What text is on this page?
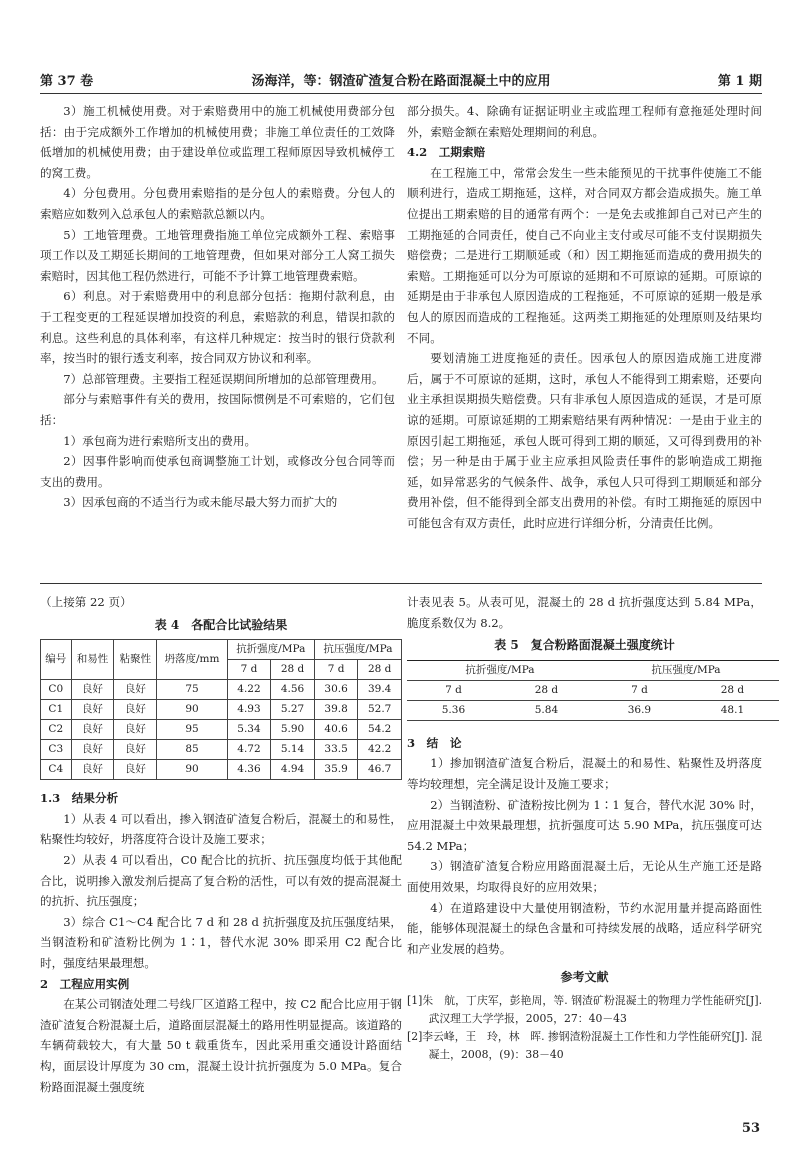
第 37 卷	汤海洋，等：钢渣矿渣复合粉在路面混凝土中的应用	第 1 期

3）施工机械使用费。对于索赔费用中的施工机械使用费部分包括：由于完成额外工作增加的机械使用费；非施工单位责任的工效降低增加的机械使用费；由于建设单位或监理工程师原因导致机械停工的窝工费。

4）分包费用。分包费用索赔指的是分包人的索赔费。分包人的索赔应如数列入总承包人的索赔款总额以内。

5）工地管理费。工地管理费指施工单位完成额外工程、索赔事项工作以及工期延长期间的工地管理费，但如果对部分工人窝工损失索赔时，因其他工程仍然进行，可能不予计算工地管理费索赔。

6）利息。对于索赔费用中的利息部分包括：拖期付款利息，由于工程变更的工程延误增加投资的利息，索赔款的利息，错误扣款的利息。这些利息的具体利率，有这样几种规定：按当时的银行贷款利率，按当时的银行透支利率，按合同双方协议和利率。

7）总部管理费。主要指工程延误期间所增加的总部管理费用。

部分与索赔事件有关的费用，按国际惯例是不可索赔的，它们包括：

1）承包商为进行索赔所支出的费用。

2）因事件影响而使承包商调整施工计划，或修改分包合同等而支出的费用。

3）因承包商的不适当行为或未能尽最大努力而扩大的

部分损失。4、除确有证据证明业主或监理工程师有意拖延处理时间外，索赔金额在索赔处理期间的利息。

4.2　工期索赔

在工程施工中，常常会发生一些未能预见的干扰事件使施工不能顺利进行，造成工期拖延，这样，对合同双方都会造成损失。施工单位提出工期索赔的目的通常有两个：一是免去或推卸自己对已产生的工期拖延的合同责任，使自己不向业主支付或尽可能不支付误期损失赔偿费；二是进行工期顺延或（和）因工期拖延而造成的费用损失的索赔。工期拖延可以分为可原谅的延期和不可原谅的延期。可原谅的延期是由于非承包人原因造成的工程拖延，不可原谅的延期一般是承包人的原因而造成的工程拖延。这两类工期拖延的处理原则及结果均不同。

要划清施工进度拖延的责任。因承包人的原因造成施工进度滞后，属于不可原谅的延期，这时，承包人不能得到工期索赔，还要向业主承担误期损失赔偿费。只有非承包人原因造成的延误，才是可原谅的延期。可原谅延期的工期索赔结果有两种情况：一是由于业主的原因引起工期拖延，承包人既可得到工期的顺延，又可得到费用的补偿；另一种是由于属于业主应承担风险责任事件的影响造成工期拖延，如异常恶劣的气候条件、战争，承包人只可得到工期顺延和部分费用补偿，但不能得到全部支出费用的补偿。有时工期拖延的原因中可能包含有双方责任，此时应进行详细分析，分清责任比例。

（上接第 22 页）

表 4　各配合比试验结果
编号	和易性	粘聚性	坍落度/mm	抗折强度/MPa		抗压强度/MPa	
				7 d	28 d	7 d	28 d
C0	良好	良好	75	4.22	4.56	30.6	39.4
C1	良好	良好	90	4.93	5.27	39.8	52.7
C2	良好	良好	95	5.34	5.90	40.6	54.2
C3	良好	良好	85	4.72	5.14	33.5	42.2
C4	良好	良好	90	4.36	4.94	35.9	46.7

1.3　结果分析

1）从表 4 可以看出，掺入钢渣矿渣复合粉后，混凝土的和易性，粘聚性均较好，坍落度符合设计及施工要求；

2）从表 4 可以看出，C0 配合比的抗折、抗压强度均低于其他配合比，说明掺入激发剂后提高了复合粉的活性，可以有效的提高混凝土的抗折、抗压强度；

3）综合 C1～C4 配合比 7 d 和 28 d 抗折强度及抗压强度结果，当钢渣粉和矿渣粉比例为 1∶1，替代水泥 30% 即采用 C2 配合比时，强度结果最理想。

2　工程应用实例

在某公司钢渣处理二号线厂区道路工程中，按 C2 配合比应用于钢渣矿渣复合粉混凝土后，道路面层混凝土的路用性明显提高。该道路的车辆荷载较大，有大量 50 t 载重货车，因此采用重交通设计路面结构，面层设计厚度为 30 cm，混凝土设计抗折强度为 5.0 MPa。复合粉路面混凝土强度统

计表见表 5。从表可见，混凝土的 28 d 抗折强度达到 5.84 MPa，脆度系数仅为 8.2。

表 5　复合粉路面混凝土强度统计
抗折强度/MPa		抗压强度/MPa	
7 d	28 d	7 d	28 d
5.36	5.84	36.9	48.1

3　结　论

1）掺加钢渣矿渣复合粉后，混凝土的和易性、粘聚性及坍落度等均较理想，完全满足设计及施工要求；

2）当钢渣粉、矿渣粉按比例为 1∶1 复合，替代水泥 30% 时，应用混凝土中效果最理想，抗折强度可达 5.90 MPa，抗压强度可达 54.2 MPa；

3）钢渣矿渣复合粉应用路面混凝土后，无论从生产施工还是路面使用效果，均取得良好的应用效果；

4）在道路建设中大量使用钢渣粉，节约水泥用量并提高路面性能，能够体现混凝土的绿色含量和可持续发展的战略，适应科学研究和产业发展的趋势。

参考文献

[1]朱　航，丁庆军，彭艳周，等. 钢渣矿粉混凝土的物理力学性能研究[J]. 武汉理工大学学报，2005，27：40－43

[2]李云峰，王　玲，林　晖. 掺钢渣粉混凝土工作性和力学性能研究[J]. 混凝土，2008，(9)：38－40

53
